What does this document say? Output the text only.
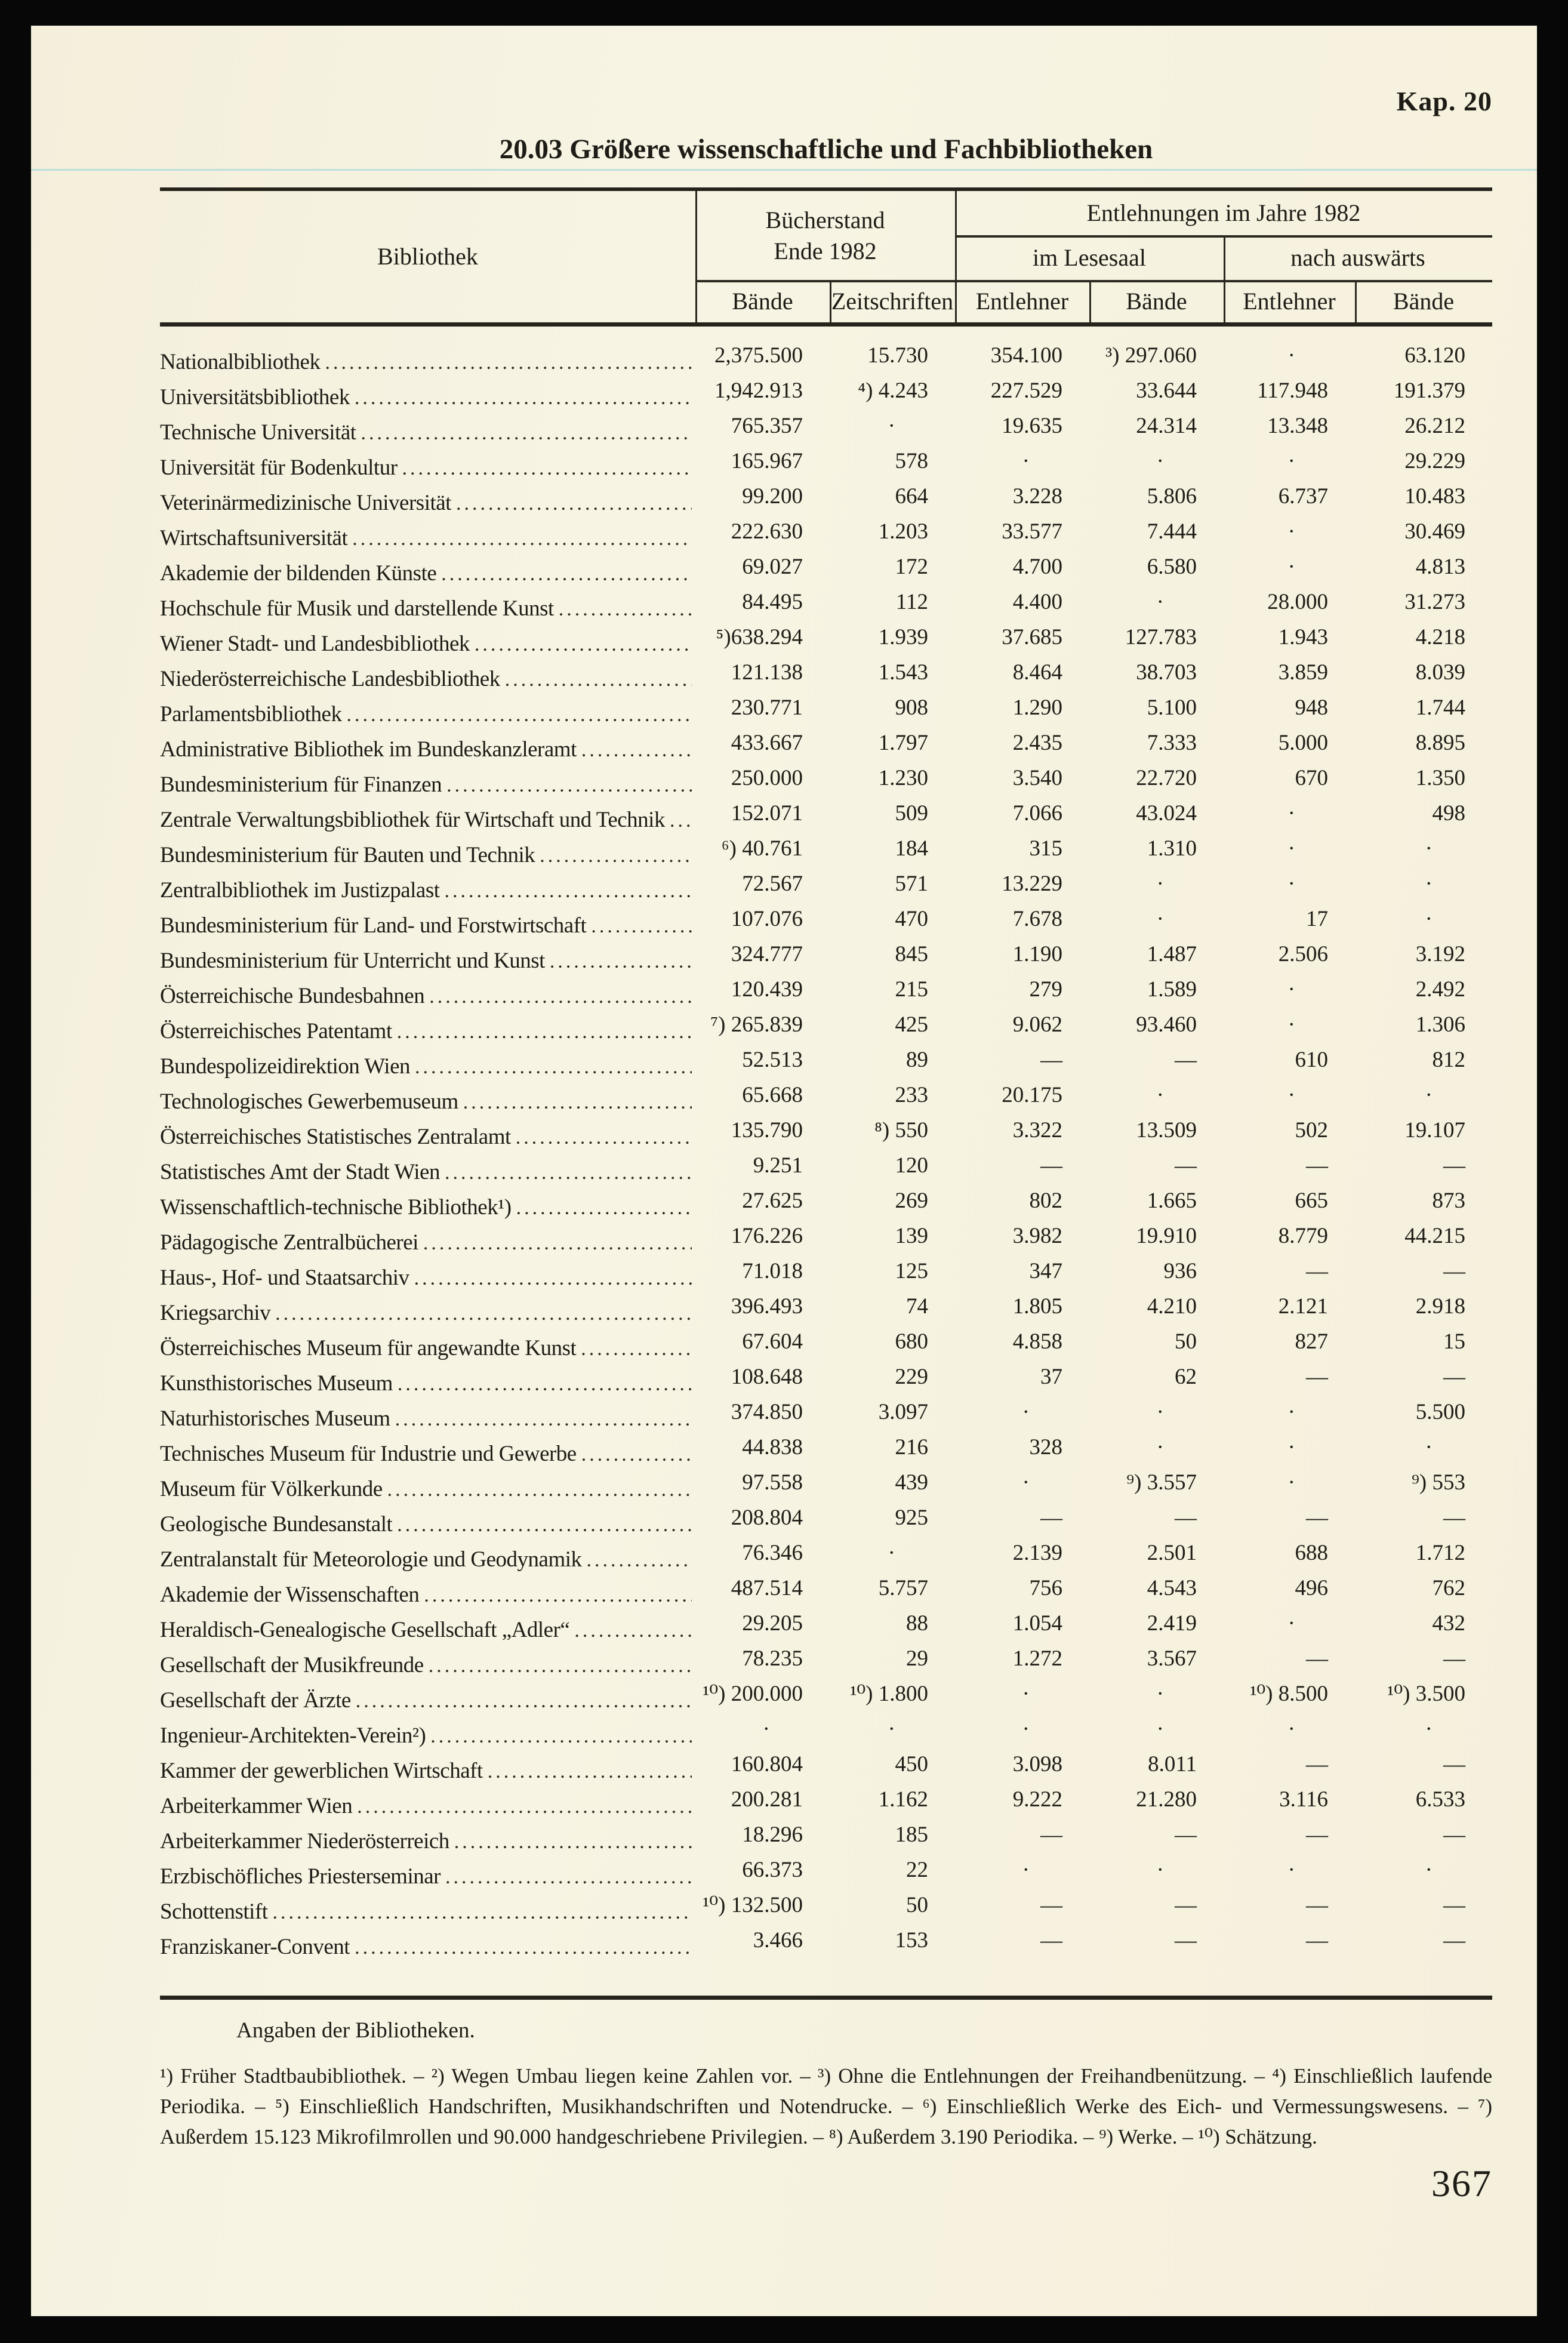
Kap. 20
20.03 Größere wissenschaftliche und Fachbibliotheken
Bibliothek
Bücherstand
Ende 1982
Entlehnungen im Jahre 1982
im Lesesaal	nach auswärts
Bände	Zeitschriften Entlehner	Bände	Entlehner	Bände
Nationalbibliothek .....	2,375.500	15.730	354.100	³) 297.060	·	63.120
Universitätsbibliothek .....	1,942.913	⁴) 4.243	227.529	33.644	117.948	191.379
Technische Universität .....	765.357	·	19.635	24.314	13.348	26.212
Universität für Bodenkultur .....	165.967	578	·	·	·	29.229
Veterinärmedizinische Universität .....	99.200	664	3.228	5.806	6.737	10.483
Wirtschaftsuniversität .....	222.630	1.203	33.577	7.444	·	30.469
Akademie der bildenden Künste .....	69.027	172	4.700	6.580	·	4.813
Hochschule für Musik und darstellende Kunst .....	84.495	112	4.400	·	28.000	31.273
Wiener Stadt- und Landesbibliothek .....	⁵)638.294	1.939	37.685	127.783	1.943	4.218
Niederösterreichische Landesbibliothek .....	121.138	1.543	8.464	38.703	3.859	8.039
Parlamentsbibliothek .....	230.771	908	1.290	5.100	948	1.744
Administrative Bibliothek im Bundeskanzleramt .....	433.667	1.797	2.435	7.333	5.000	8.895
Bundesministerium für Finanzen .....	250.000	1.230	3.540	22.720	670	1.350
Zentrale Verwaltungsbibliothek für Wirtschaft und Technik .....	152.071	509	7.066	43.024	·	498
Bundesministerium für Bauten und Technik .....	⁶) 40.761	184	315	1.310	·	·
Zentralbibliothek im Justizpalast .....	72.567	571	13.229	·	·	·
Bundesministerium für Land- und Forstwirtschaft .....	107.076	470	7.678	·	17	·
Bundesministerium für Unterricht und Kunst .....	324.777	845	1.190	1.487	2.506	3.192
Österreichische Bundesbahnen .....	120.439	215	279	1.589	·	2.492
Österreichisches Patentamt .....	⁷) 265.839	425	9.062	93.460	·	1.306
Bundespolizeidirektion Wien .....	52.513	89	—	—	610	812
Technologisches Gewerbemuseum .....	65.668	233	20.175	·	·	·
Österreichisches Statistisches Zentralamt .....	135.790	⁸) 550	3.322	13.509	502	19.107
Statistisches Amt der Stadt Wien .....	9.251	120	—	—	—	—
Wissenschaftlich-technische Bibliothek¹) .....	27.625	269	802	1.665	665	873
Pädagogische Zentralbücherei .....	176.226	139	3.982	19.910	8.779	44.215
Haus-, Hof- und Staatsarchiv .....	71.018	125	347	936	—	—
Kriegsarchiv .....	396.493	74	1.805	4.210	2.121	2.918
Österreichisches Museum für angewandte Kunst .....	67.604	680	4.858	50	827	15
Kunsthistorisches Museum .....	108.648	229	37	62	—	—
Naturhistorisches Museum .....	374.850	3.097	·	·	·	5.500
Technisches Museum für Industrie und Gewerbe .....	44.838	216	328	·	·	·
Museum für Völkerkunde .....	97.558	439	·	⁹) 3.557	·	⁹) 553
Geologische Bundesanstalt .....	208.804	925	—	—	—	—
Zentralanstalt für Meteorologie und Geodynamik .....	76.346	·	2.139	2.501	688	1.712
Akademie der Wissenschaften .....	487.514	5.757	756	4.543	496	762
Heraldisch-Genealogische Gesellschaft „Adler“ .....	29.205	88	1.054	2.419	·	432
Gesellschaft der Musikfreunde .....	78.235	29	1.272	3.567	—	—
Gesellschaft der Ärzte .....	¹⁰) 200.000	¹⁰) 1.800	·	·	¹⁰) 8.500	¹⁰) 3.500
Ingenieur-Architekten-Verein²) .....	·	·	·	·	·	·
Kammer der gewerblichen Wirtschaft .....	160.804	450	3.098	8.011	—	—
Arbeiterkammer Wien .....	200.281	1.162	9.222	21.280	3.116	6.533
Arbeiterkammer Niederösterreich .....	18.296	185	—	—	—	—
Erzbischöfliches Priesterseminar .....	66.373	22	·	·	·	·
Schottenstift .....	¹⁰) 132.500	50	—	—	—	—
Franziskaner-Convent .....	3.466	153	—	—	—	—
Angaben der Bibliotheken.
¹) Früher Stadtbaubibliothek. – ²) Wegen Umbau liegen keine Zahlen vor. – ³) Ohne die Entlehnungen der Freihandbenützung. – ⁴) Einschließlich laufende Periodika. – ⁵) Einschließlich Handschriften, Musikhandschriften und Notendrucke. – ⁶) Einschließlich Werke des Eich- und Vermessungswesens. – ⁷) Außerdem 15.123 Mikrofilmrollen und 90.000 handgeschriebene Privilegien. – ⁸) Außerdem 3.190 Periodika. – ⁹) Werke. – ¹⁰) Schätzung.
367
